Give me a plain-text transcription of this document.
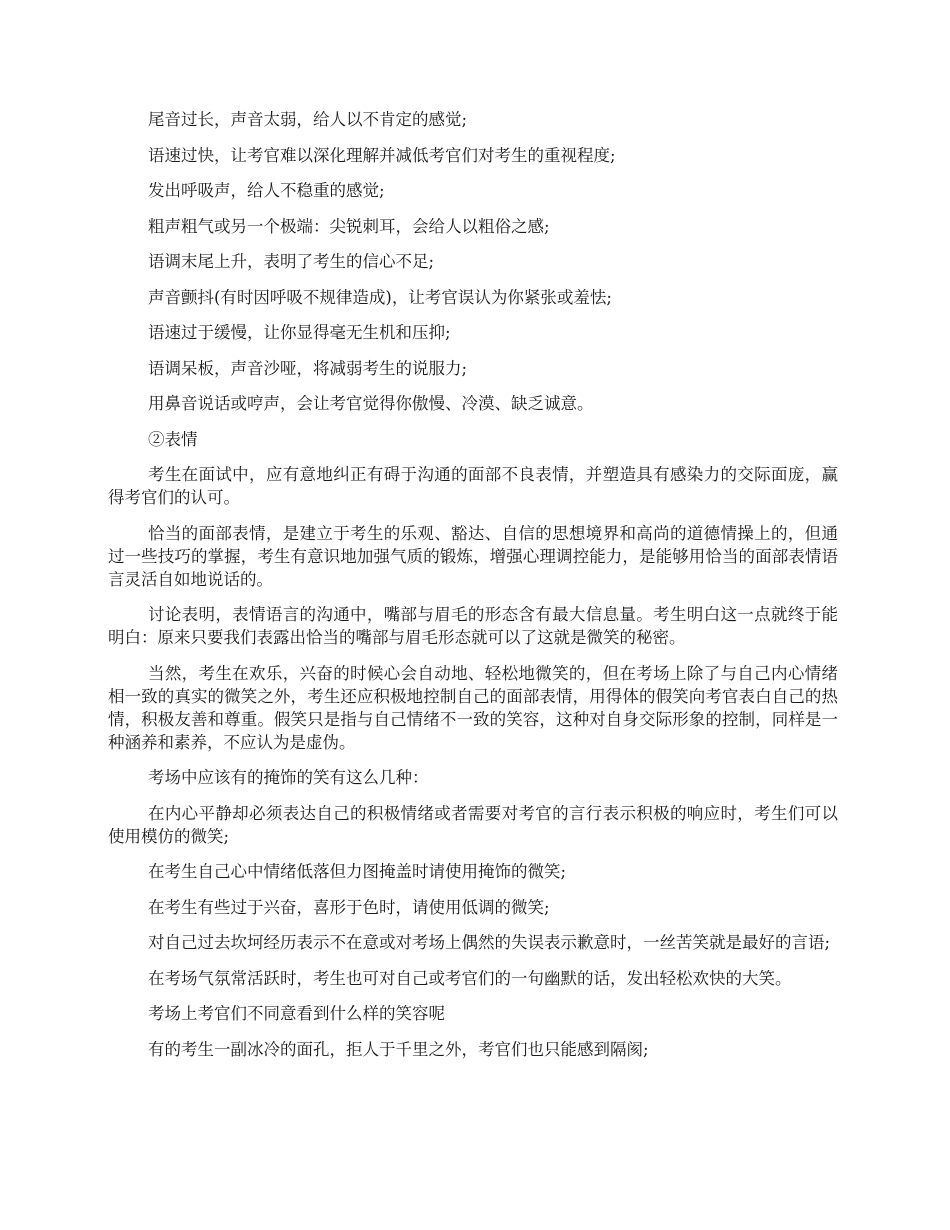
尾音过长，声音太弱，给人以不肯定的感觉;

语速过快，让考官难以深化理解并减低考官们对考生的重视程度;

发出呼吸声，给人不稳重的感觉;

粗声粗气或另一个极端：尖锐刺耳，会给人以粗俗之感;

语调末尾上升，表明了考生的信心不足;

声音颤抖(有时因呼吸不规律造成)，让考官误认为你紧张或羞怯;

语速过于缓慢，让你显得毫无生机和压抑;

语调呆板，声音沙哑，将减弱考生的说服力;

用鼻音说话或哼声，会让考官觉得你傲慢、冷漠、缺乏诚意。

②表情

考生在面试中，应有意地纠正有碍于沟通的面部不良表情，并塑造具有感染力的交际面庞，赢得考官们的认可。

恰当的面部表情，是建立于考生的乐观、豁达、自信的思想境界和高尚的道德情操上的，但通过一些技巧的掌握，考生有意识地加强气质的锻炼，增强心理调控能力，是能够用恰当的面部表情语言灵活自如地说话的。

讨论表明，表情语言的沟通中，嘴部与眉毛的形态含有最大信息量。考生明白这一点就终于能明白：原来只要我们表露出恰当的嘴部与眉毛形态就可以了这就是微笑的秘密。

当然，考生在欢乐，兴奋的时候心会自动地、轻松地微笑的，但在考场上除了与自己内心情绪相一致的真实的微笑之外，考生还应积极地控制自己的面部表情，用得体的假笑向考官表白自己的热情，积极友善和尊重。假笑只是指与自己情绪不一致的笑容，这种对自身交际形象的控制，同样是一种涵养和素养，不应认为是虚伪。

考场中应该有的掩饰的笑有这么几种：

在内心平静却必须表达自己的积极情绪或者需要对考官的言行表示积极的响应时，考生们可以使用模仿的微笑;

在考生自己心中情绪低落但力图掩盖时请使用掩饰的微笑;

在考生有些过于兴奋，喜形于色时，请使用低调的微笑;

对自己过去坎坷经历表示不在意或对考场上偶然的失误表示歉意时，一丝苦笑就是最好的言语;

在考场气氛常活跃时，考生也可对自己或考官们的一句幽默的话，发出轻松欢快的大笑。

考场上考官们不同意看到什么样的笑容呢

有的考生一副冰冷的面孔，拒人于千里之外，考官们也只能感到隔阂;
